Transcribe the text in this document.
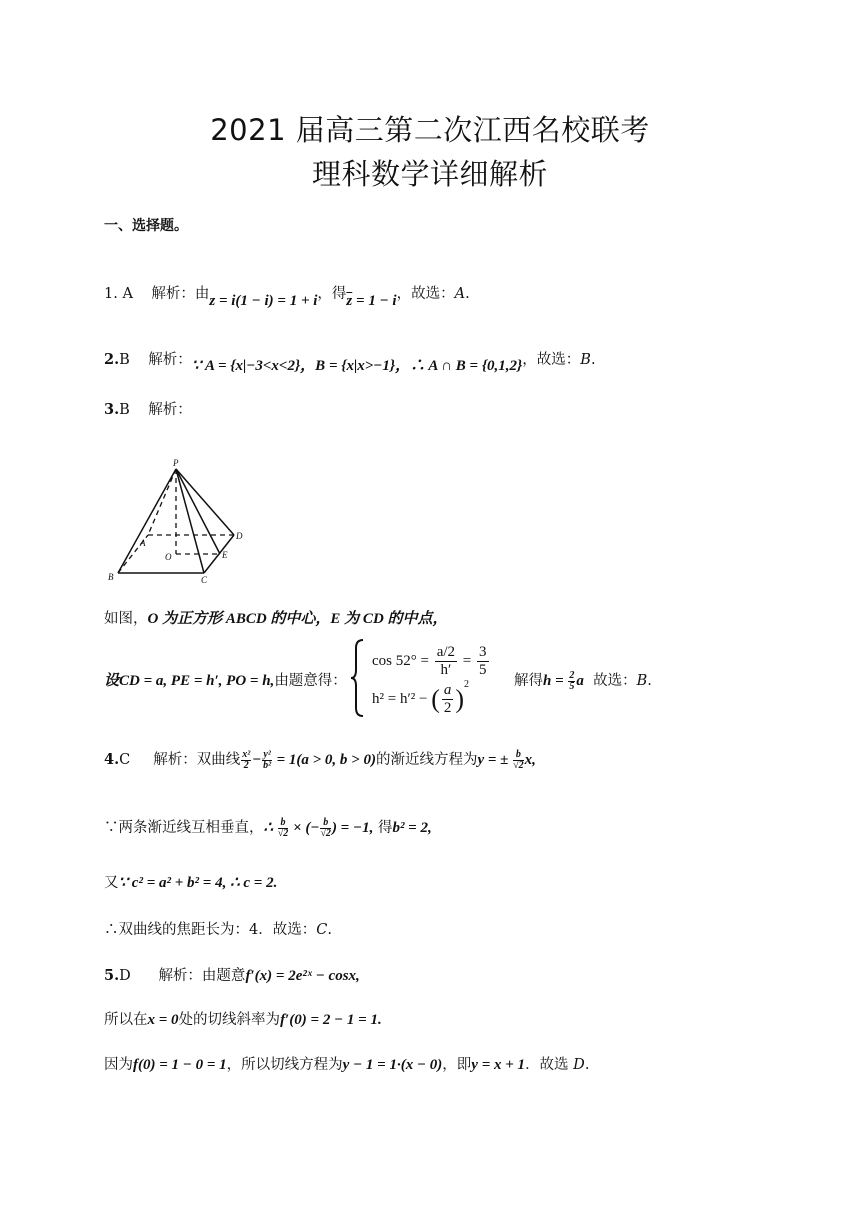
2021 届高三第二次江西名校联考
理科数学详细解析
一、选择题。
1. A 解析：由z = i(1 − i) = 1 + i，得$\overline{z} = 1 - i$，故选：A.
2.B 解析：∵ A = {x|−3<x<2}，B = {x|x>−1}，∴ A ∩ B = {0,1,2}，故选：B.
3.B 解析：
P
A
B	C
D
O	E
如图，O 为正方形 ABCD 的中心，E 为 CD 的中点，
设CD = a, PE = h′, PO = h,由题意得：
$\cos 52^\circ = \frac{a/2}{h'} = \frac{3}{5}$
h² = h′² − ( $\frac{a}{2} )^2$	解得$h = \frac{2}{5}$ a 故选：B.
4.C 解析：双曲线 $\frac{\text{x²}}{2} - \frac{\text{y²}}{\text{b²}} = 1(a > 0$, b > 0)的渐近线方程为y = ± $\frac{b}{√2} x$,
∵两条渐近线互相垂直，∴ $\frac{b}{√2}$ × (− $\frac{b}{√2}$ ) = −1, 得b² = 2,
又∵ c² = a² + b² = 4, ∴ c = 2.
∴双曲线的焦距长为：4．故选：C.
5.D 解析：由题意f′(x) = 2e²ˣ − cosx,
所以在x = 0处的切线斜率为f′(0) = 2 − 1 = 1.
因为f(0) = 1 − 0 = 1，所以切线方程为y − 1 = 1·(x − 0)，即y = x + 1．故选 D.
